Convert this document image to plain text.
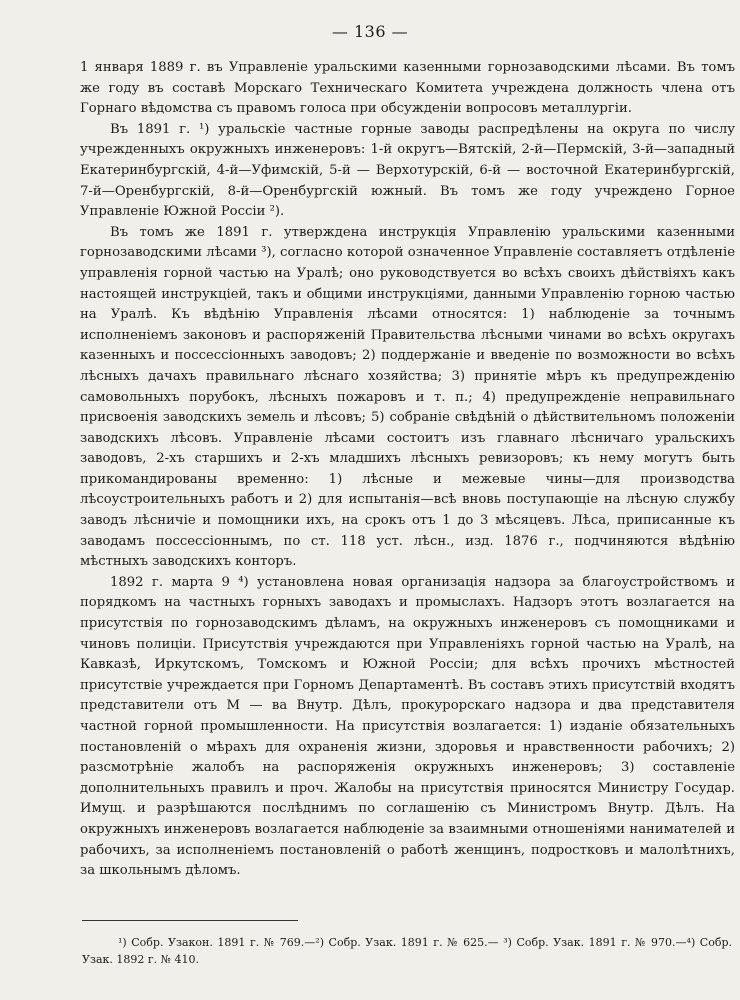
— 136 —

1 января 1889 г. въ Управленіе уральскими казенными горнозаводскими лѣсами. Въ томъ же году въ составѣ Морскаго Техническаго Комитета учреждена должность члена отъ Горнаго вѣдомства съ правомъ голоса при обсужденіи вопросовъ металлургіи.

Въ 1891 г. ¹) уральскіе частные горные заводы распредѣлены на округа по числу учрежденныхъ окружныхъ инженеровъ: 1-й округъ—Вятскій, 2-й—Пермскій, 3-й—западный Екатеринбургскій, 4-й—Уфимскій, 5-й — Верхотурскій, 6-й — восточной Екатеринбургскій, 7-й—Оренбургскій, 8-й—Оренбургскій южный. Въ томъ же году учреждено Горное Управленіе Южной Россіи ²).

Въ томъ же 1891 г. утверждена инструкція Управленію уральскими казенными горнозаводскими лѣсами ³), согласно которой означенное Управленіе составляетъ отдѣленіе управленія горной частью на Уралѣ; оно руководствуется во всѣхъ своихъ дѣйствіяхъ какъ настоящей инструкціей, такъ и общими инструкціями, данными Управленію горною частью на Уралѣ. Къ вѣдѣнію Управленія лѣсами относятся: 1) наблюденіе за точнымъ исполненіемъ законовъ и распоряженій Правительства лѣсными чинами во всѣхъ округахъ казенныхъ и поссессіонныхъ заводовъ; 2) поддержаніе и введеніе по возможности во всѣхъ лѣсныхъ дачахъ правильнаго лѣснаго хозяйства; 3) принятіе мѣръ къ предупрежденію самовольныхъ порубокъ, лѣсныхъ пожаровъ и т. п.; 4) предупрежденіе неправильнаго присвоенія заводскихъ земель и лѣсовъ; 5) собраніе свѣдѣній о дѣйствительномъ положеніи заводскихъ лѣсовъ. Управленіе лѣсами состоитъ изъ главнаго лѣсничаго уральскихъ заводовъ, 2-хъ старшихъ и 2-хъ младшихъ лѣсныхъ ревизоровъ; къ нему могутъ быть прикомандированы временно: 1) лѣсные и межевые чины—для производства лѣсоустроительныхъ работъ и 2) для испытанія—всѣ вновь поступающіе на лѣсную службу заводъ лѣсничіе и помощники ихъ, на срокъ отъ 1 до 3 мѣсяцевъ. Лѣса, приписанные къ заводамъ поссессіоннымъ, по ст. 118 уст. лѣсн., изд. 1876 г., подчиняются вѣдѣнію мѣстныхъ заводскихъ конторъ.

1892 г. марта 9 ⁴) установлена новая организація надзора за благоустройствомъ и порядкомъ на частныхъ горныхъ заводахъ и промыслахъ. Надзоръ этотъ возлагается на присутствія по горнозаводскимъ дѣламъ, на окружныхъ инженеровъ съ помощниками и чиновъ полиціи. Присутствія учреждаются при Управленіяхъ горной частью на Уралѣ, на Кавказѣ, Иркутскомъ, Томскомъ и Южной Россіи; для всѣхъ прочихъ мѣстностей присутствіе учреждается при Горномъ Департаментѣ. Въ составъ этихъ присутствій входятъ представители отъ М — ва Внутр. Дѣлъ, прокурорскаго надзора и два представителя частной горной промышленности. На присутствія возлагается: 1) изданіе обязательныхъ постановленій о мѣрахъ для охраненія жизни, здоровья и нравственности рабочихъ; 2) разсмотрѣніе жалобъ на распоряженія окружныхъ инженеровъ; 3) составленіе дополнительныхъ правилъ и проч. Жалобы на присутствія приносятся Министру Государ. Имущ. и разрѣшаются послѣднимъ по соглашенію съ Министромъ Внутр. Дѣлъ. На окружныхъ инженеровъ возлагается наблюденіе за взаимными отношеніями нанимателей и рабочихъ, за исполненіемъ постановленій о работѣ женщинъ, подростковъ и малолѣтнихъ, за школьнымъ дѣломъ.

¹) Собр. Узакон. 1891 г. № 769.—²) Собр. Узак. 1891 г. № 625.— ³) Собр. Узак. 1891 г. № 970.—⁴) Собр. Узак. 1892 г. № 410.
